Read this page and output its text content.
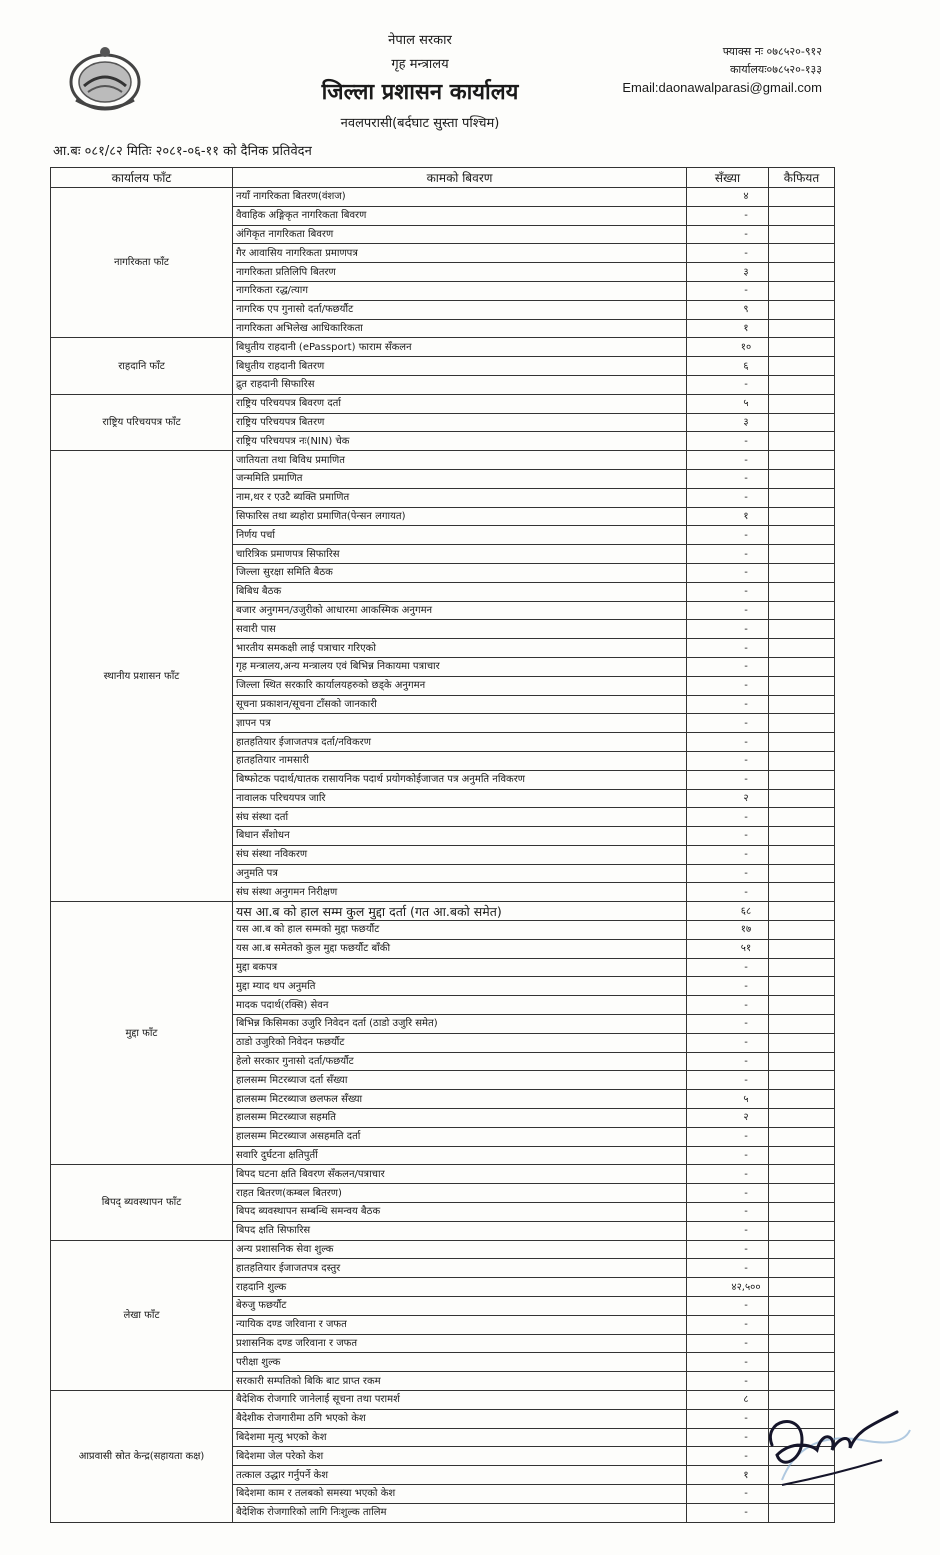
नेपाल सरकार
गृह मन्त्रालय
जिल्ला प्रशासन कार्यालय
नवलपरासी(बर्दघाट सुस्ता पश्चिम)
फ्याक्स नः ०७८५२०-९१२
कार्यालयः०७८५२०-१३३
Email:daonawalparasi@gmail.com
आ.बः ०८१/८२ मितिः २०८१-०६-११ को दैनिक प्रतिवेदन
कार्यालय फाँट	कामको बिवरण	सँख्या	कैफियत
नागरिकता फाँट	नयाँ नागरिकता बितरण(वंशज)	४	
	वैवाहिक अङ्गिकृत नागरिकता बिवरण	-	
	अंगिकृत नागरिकता बिवरण	-	
	गैर आवासिय नागरिकता प्रमाणपत्र	-	
	नागरिकता प्रतिलिपि बितरण	३	
	नागरिकता रद्ध/त्याग	-	
	नागरिक एप गुनासो दर्ता/फछर्यौट	९	
	नागरिकता अभिलेख आधिकारिकता	१	
राहदानि फाँट	बिधुतीय राहदानी (ePassport) फाराम सँकलन	१०	
	बिधुतीय राहदानी बितरण	६	
	द्रुत राहदानी सिफारिस	-	
राष्ट्रिय परिचयपत्र फाँट	राष्ट्रिय परिचयपत्र बिवरण दर्ता	५	
	राष्ट्रिय परिचयपत्र बितरण	३	
	राष्ट्रिय परिचयपत्र नः(NIN) चेक	-	
स्थानीय प्रशासन फाँट	जातियता तथा बिविध प्रमाणित	-	
	जन्ममिति प्रमाणित	-	
	नाम,थर र एउटै ब्यक्ति प्रमाणित	-	
	सिफारिस तथा ब्यहोरा प्रमाणित(पेन्सन लगायत)	१	
	निर्णय पर्चा	-	
	चारित्रिक प्रमाणपत्र सिफारिस	-	
	जिल्ला सुरक्षा समिति बैठक	-	
	बिबिध बैठक	-	
	बजार अनुगमन/उजुरीको आधारमा आकस्मिक अनुगमन	-	
	सवारी पास	-	
	भारतीय समकक्षी लाई पत्राचार गरिएको	-	
	गृह मन्त्रालय,अन्य मन्त्रालय एवं बिभिन्न निकायमा पत्राचार	-	
	जिल्ला स्थित सरकारि कार्यालयहरुको छड्के अनुगमन	-	
	सूचना प्रकाशन/सूचना टाँसको जानकारी	-	
	ज्ञापन पत्र	-	
	हातहतियार ईजाजतपत्र दर्ता/नविकरण	-	
	हातहतियार नामसारी	-	
	बिष्फोटक पदार्थ/घातक रासायनिक पदार्थ प्रयोगकोईजाजत पत्र अनुमति नविकरण	-	
	नावालक परिचयपत्र जारि	२	
	संघ संस्था दर्ता	-	
	बिधान सँशोधन	-	
	संघ संस्था नविकरण	-	
	अनुमति पत्र	-	
	संघ संस्था अनुगमन निरीक्षण	-	
मुद्दा फाँट	यस आ.ब को हाल सम्म कुल मुद्दा दर्ता (गत आ.बको समेत)	६८	
	यस आ.ब को हाल सम्मको मुद्दा फछर्यौट	१७	
	यस आ.ब समेतको कुल मुद्दा फछर्यौट बाँकी	५१	
	मुद्दा बकपत्र	-	
	मुद्दा म्याद थप अनुमति	-	
	मादक पदार्थ(रक्सि) सेवन	-	
	बिभिन्न किसिमका उजुरि निवेदन दर्ता (ठाडो उजुरि समेत)	-	
	ठाडो उजुरिको निवेदन फछर्यौट	-	
	हेलो सरकार गुनासो दर्ता/फछर्यौट	-	
	हालसम्म मिटरब्याज दर्ता सँख्या	-	
	हालसम्म मिटरब्याज छलफल सँख्या	५	
	हालसम्म मिटरब्याज सहमति	२	
	हालसम्म मिटरब्याज असहमति दर्ता	-	
	सवारि दुर्घटना क्षतिपुर्ती	-	
बिपद् ब्यवस्थापन फाँट	बिपद घटना क्षति बिवरण सँकलन/पत्राचार	-	
	राहत बितरण(कम्बल बितरण)	-	
	बिपद ब्यवस्थापन सम्बन्धि समन्वय बैठक	-	
	बिपद क्षति सिफारिस	-	
लेखा फाँट	अन्य प्रशासनिक सेवा शुल्क	-	
	हातहतियार ईजाजतपत्र दस्तुर	-	
	राहदानि शुल्क	४२,५००	
	बेरुजु फछर्यौट	-	
	न्यायिक दण्ड जरिवाना र जफत	-	
	प्रशासनिक दण्ड जरिवाना र जफत	-	
	परीक्षा शुल्क	-	
	सरकारी सम्पतिको बिकि बाट प्राप्त रकम	-	
आप्रवासी स्रोत केन्द्र(सहायता कक्ष)	बैदेशिक रोजगारि जानेलाई सूचना तथा परामर्श	८	
	बैदेशीक रोजगारीमा ठगि भएको केश	-	
	बिदेशमा मृत्यु भएको केश	-	
	बिदेशमा जेल परेको केश	-	
	तत्काल उद्धार गर्नुपर्ने केश	१	
	बिदेशमा काम र तलबको समस्या भएको केश	-	
	बैदेशिक रोजगारिको लागि निःशुल्क तालिम	-	
